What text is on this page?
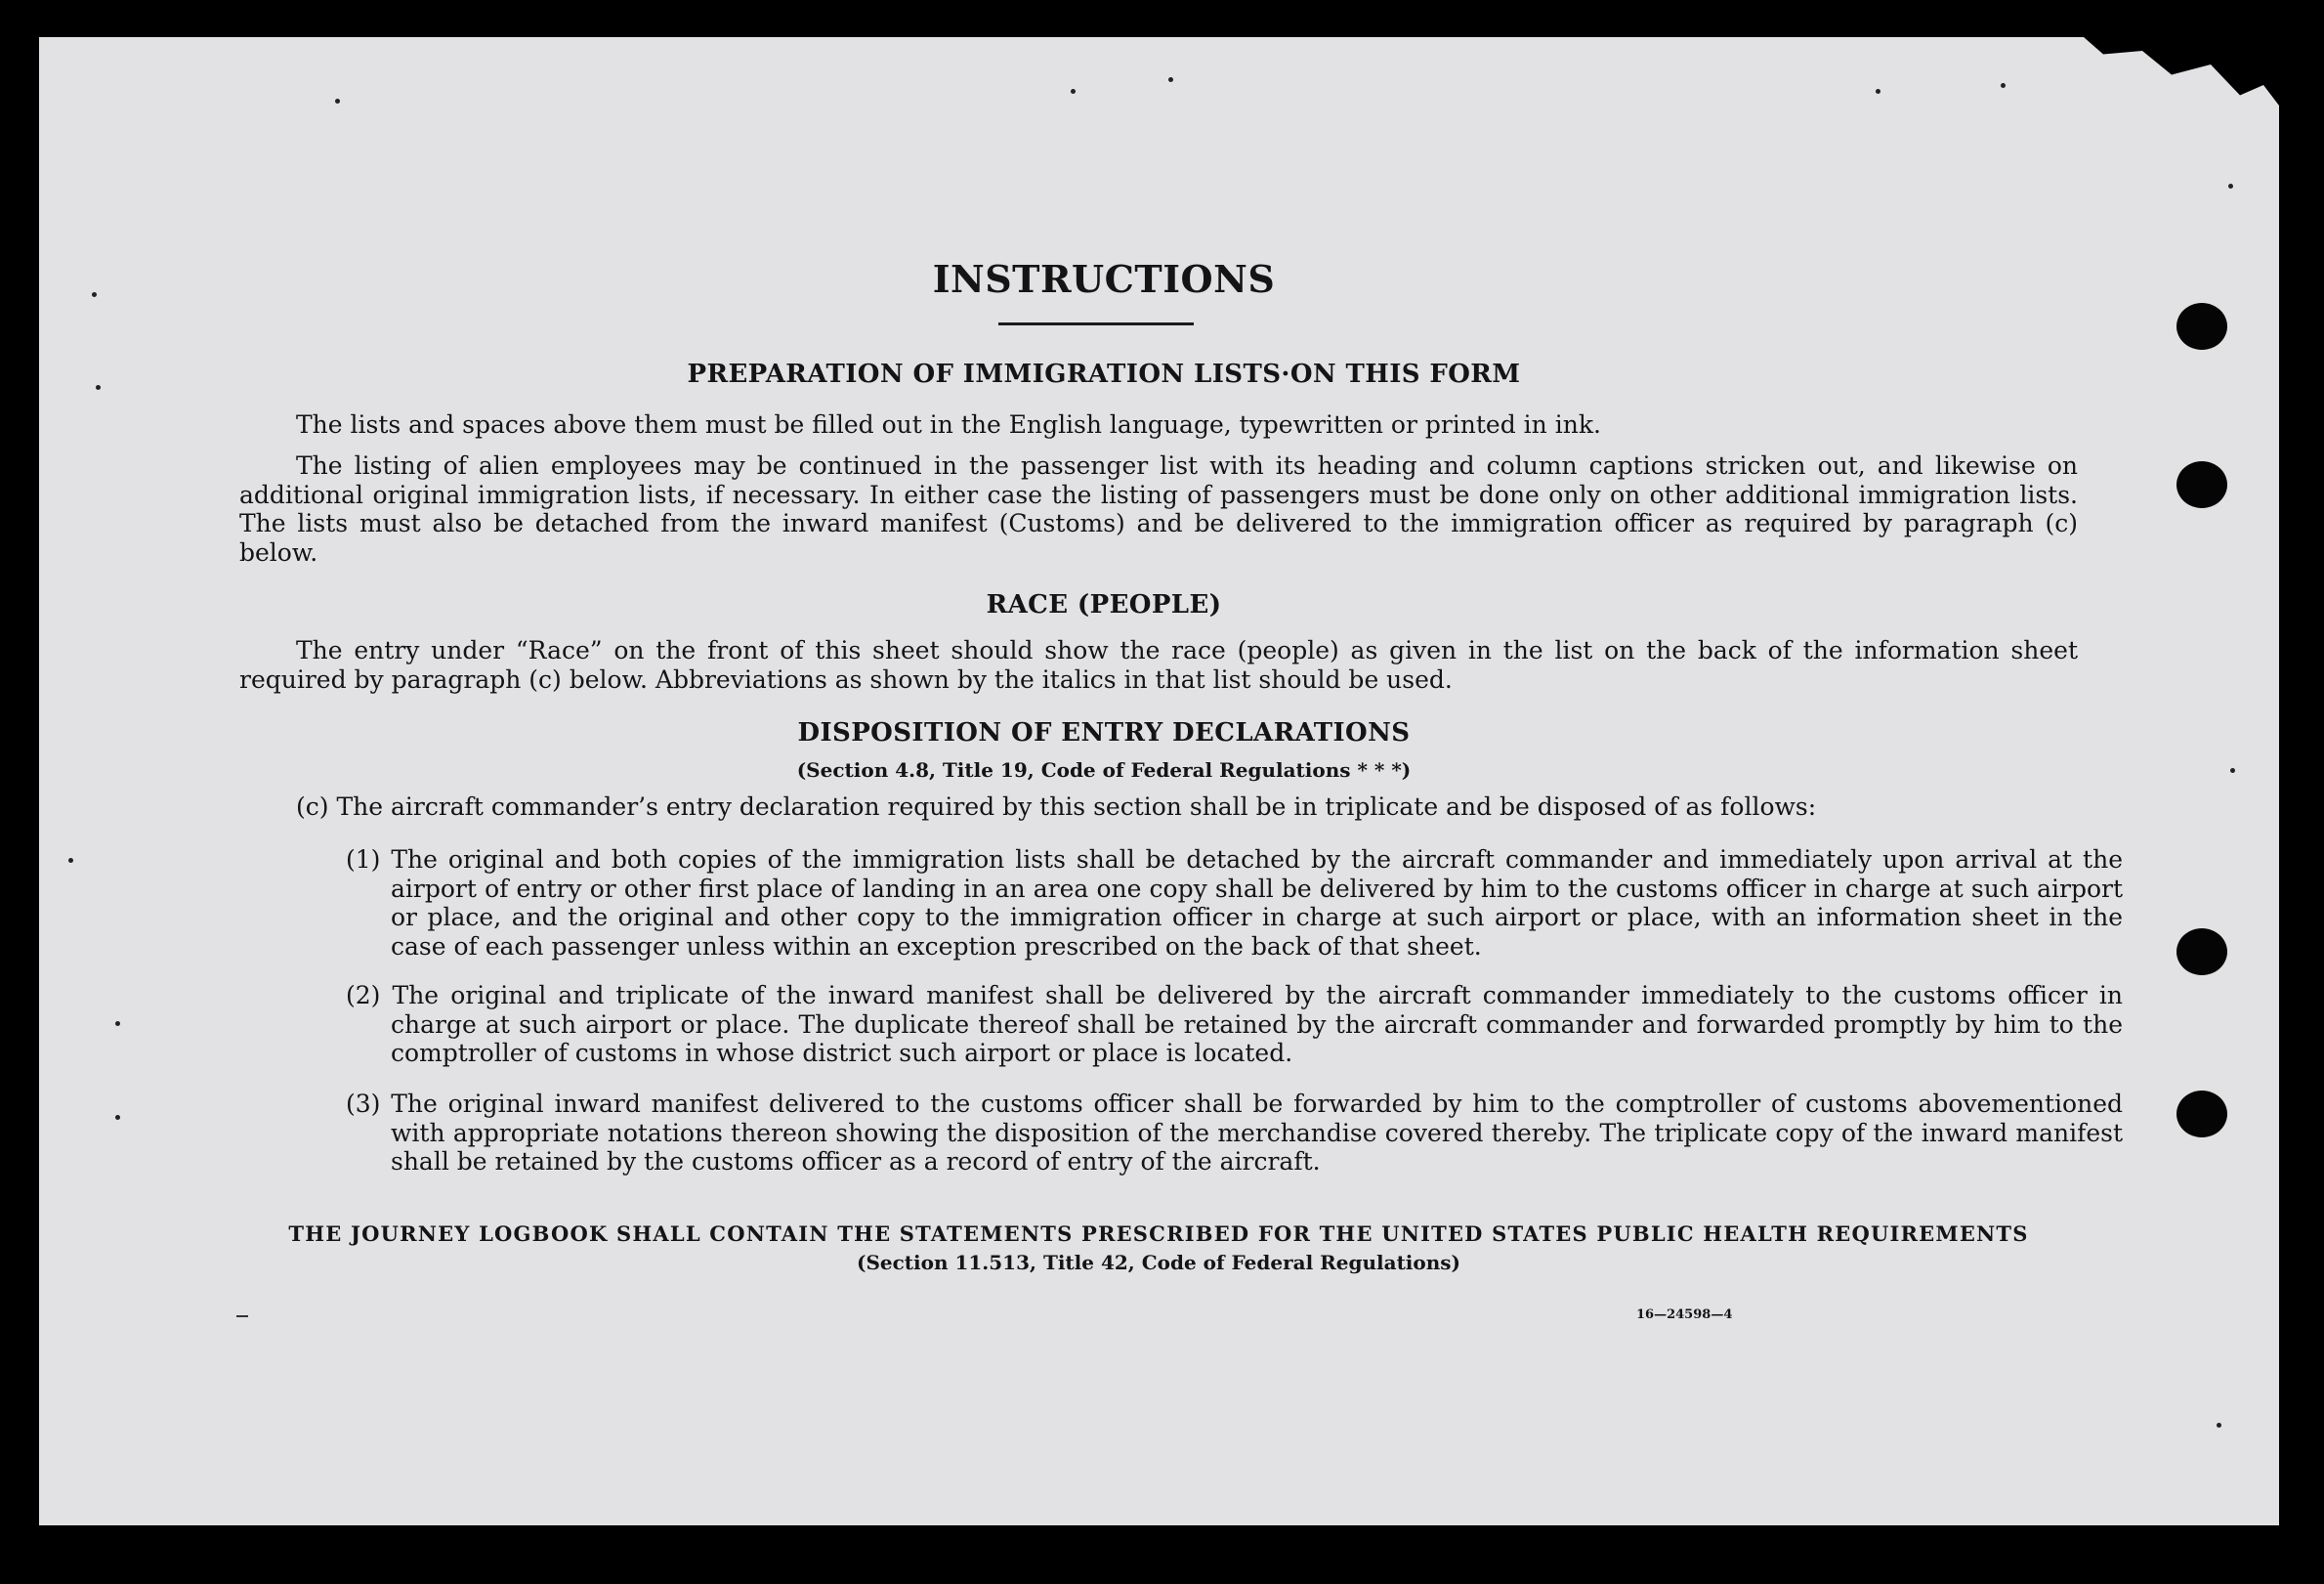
INSTRUCTIONS
PREPARATION OF IMMIGRATION LISTS·ON THIS FORM

The lists and spaces above them must be filled out in the English language, typewritten or printed in ink.

The listing of alien employees may be continued in the passenger list with its heading and column captions stricken out, and likewise on additional original immigration lists, if necessary. In either case the listing of passengers must be done only on other additional immigration lists. The lists must also be detached from the inward manifest (Customs) and be delivered to the immigration officer as required by paragraph (c) below.

RACE (PEOPLE)

The entry under “Race” on the front of this sheet should show the race (people) as given in the list on the back of the information sheet required by paragraph (c) below. Abbreviations as shown by the italics in that list should be used.

DISPOSITION OF ENTRY DECLARATIONS

(Section 4.8, Title 19, Code of Federal Regulations * * *)

(c) The aircraft commander’s entry declaration required by this section shall be in triplicate and be disposed of as follows:

(1) The original and both copies of the immigration lists shall be detached by the aircraft commander and immediately upon arrival at the airport of entry or other first place of landing in an area one copy shall be delivered by him to the customs officer in charge at such airport or place, and the original and other copy to the immigration officer in charge at such airport or place, with an information sheet in the case of each passenger unless within an exception prescribed on the back of that sheet.

(2) The original and triplicate of the inward manifest shall be delivered by the aircraft commander immediately to the customs officer in charge at such airport or place. The duplicate thereof shall be retained by the aircraft commander and forwarded promptly by him to the comptroller of customs in whose district such airport or place is located.

(3) The original inward manifest delivered to the customs officer shall be forwarded by him to the comptroller of customs abovementioned with appropriate notations thereon showing the disposition of the merchandise covered thereby. The triplicate copy of the inward manifest shall be retained by the customs officer as a record of entry of the aircraft.

THE JOURNEY LOGBOOK SHALL CONTAIN THE STATEMENTS PRESCRIBED FOR THE UNITED STATES PUBLIC HEALTH REQUIREMENTS

(Section 11.513, Title 42, Code of Federal Regulations)

16—24598—4
